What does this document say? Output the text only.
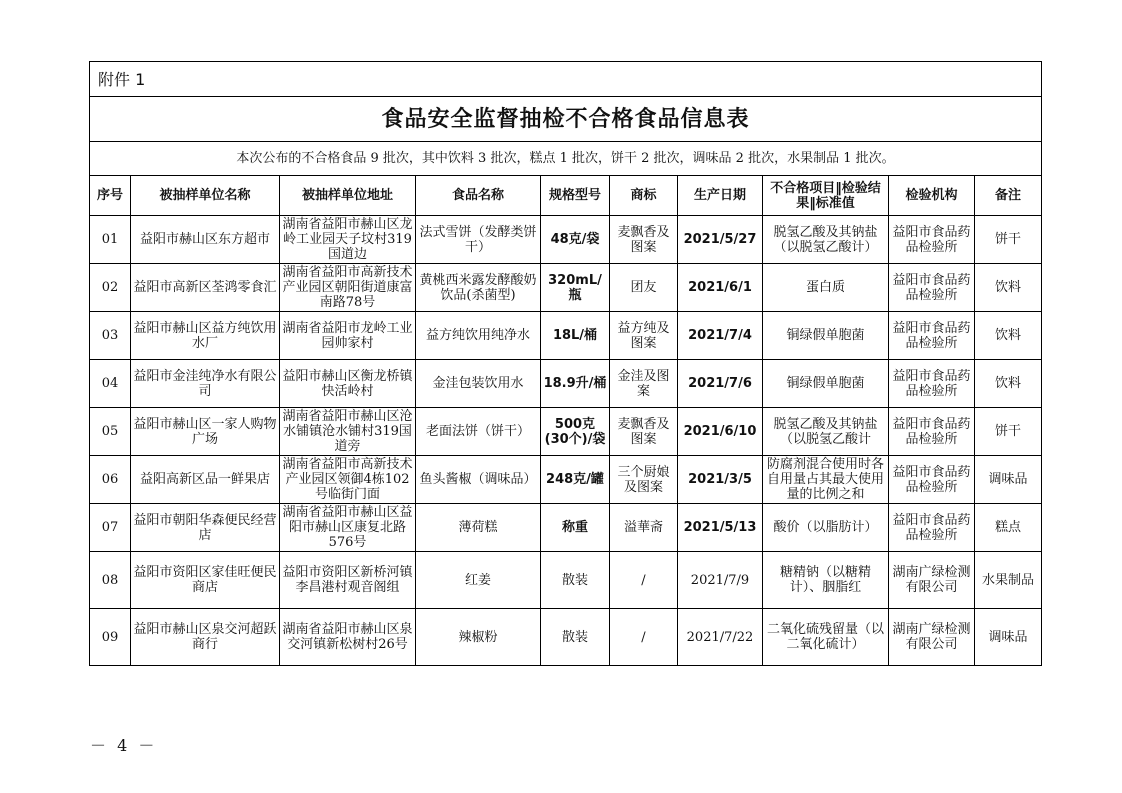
附件 1									
食品安全监督抽检不合格食品信息表									
本次公布的不合格食品 9 批次，其中饮料 3 批次，糕点 1 批次，饼干 2 批次，调味品 2 批次，水果制品 1 批次。									
序号	被抽样单位名称	被抽样单位地址	食品名称	规格型号	商标	生产日期	不合格项目‖检验结果‖标准值	检验机构	备注
01	益阳市赫山区东方超市	湖南省益阳市赫山区龙岭工业园天子坟村319国道边	法式雪饼（发酵类饼干）	48克/袋	麦飘香及图案	2021/5/27	脱氢乙酸及其钠盐（以脱氢乙酸计）	益阳市食品药品检验所	饼干
02	益阳市高新区荃鸿零食汇	湖南省益阳市高新技术产业园区朝阳街道康富南路78号	黄桃西米露发酵酸奶饮品(杀菌型)	320mL/瓶	团友	2021/6/1	蛋白质	益阳市食品药品检验所	饮料
03	益阳市赫山区益方纯饮用水厂	湖南省益阳市龙岭工业园帅家村	益方纯饮用纯净水	18L/桶	益方纯及图案	2021/7/4	铜绿假单胞菌	益阳市食品药品检验所	饮料
04	益阳市金洼纯净水有限公司	益阳市赫山区衡龙桥镇快活岭村	金洼包装饮用水	18.9升/桶	金洼及图案	2021/7/6	铜绿假单胞菌	益阳市食品药品检验所	饮料
05	益阳市赫山区一家人购物广场	湖南省益阳市赫山区沧水铺镇沧水铺村319国道旁	老面法饼（饼干）	500克(30个)/袋	麦飘香及图案	2021/6/10	脱氢乙酸及其钠盐（以脱氢乙酸计	益阳市食品药品检验所	饼干
06	益阳高新区品一鲜果店	湖南省益阳市高新技术产业园区领御4栋102号临街门面	鱼头酱椒（调味品）	248克/罐	三个厨娘及图案	2021/3/5	防腐剂混合使用时各自用量占其最大使用量的比例之和	益阳市食品药品检验所	调味品
07	益阳市朝阳华森便民经营店	湖南省益阳市赫山区益阳市赫山区康复北路576号	薄荷糕	称重	溢華斋	2021/5/13	酸价（以脂肪计）	益阳市食品药品检验所	糕点
08	益阳市资阳区家佳旺便民商店	益阳市资阳区新桥河镇李昌港村观音阁组	红姜	散装	/	2021/7/9	糖精钠（以糖精计）、胭脂红	湖南广绿检测有限公司	水果制品
09	益阳市赫山区泉交河超跃商行	湖南省益阳市赫山区泉交河镇新松树村26号	辣椒粉	散装	/	2021/7/22	二氧化硫残留量（以二氧化硫计）	湖南广绿检测有限公司	调味品
－ 4 －
